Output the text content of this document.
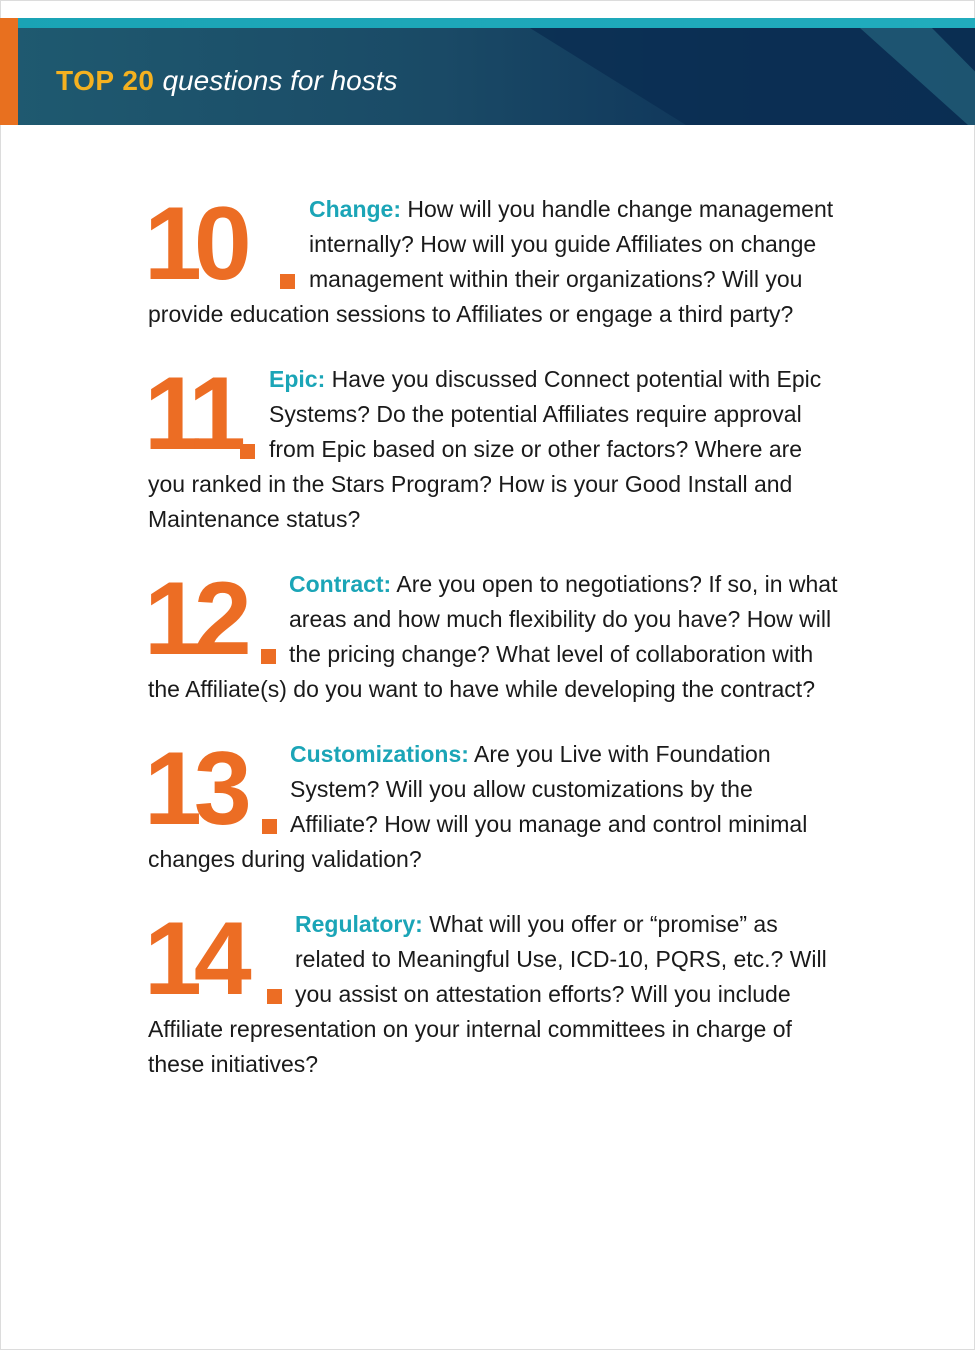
TOP 20 questions for hosts
10	Change: How will you handle change management
internally? How will you guide Affiliates on change
management within their organizations? Will you
provide education sessions to Affiliates or engage a third party?
11 Epic: Have you discussed Connect potential with Epic
Systems? Do the potential Affiliates require approval
from Epic based on size or other factors? Where are
you ranked in the Stars Program? How is your Good Install and
Maintenance status?
12 Contract: Are you open to negotiations? If so, in what
areas and how much flexibility do you have? How will
the pricing change? What level of collaboration with
the Affiliate(s) do you want to have while developing the contract?
13 Customizations: Are you Live with Foundation
System? Will you allow customizations by the
Affiliate? How will you manage and control minimal
changes during validation?
14 Regulatory: What will you offer or “promise” as
related to Meaningful Use, ICD-10, PQRS, etc.? Will
you assist on attestation efforts? Will you include
Affiliate representation on your internal committees in charge of
these initiatives?
